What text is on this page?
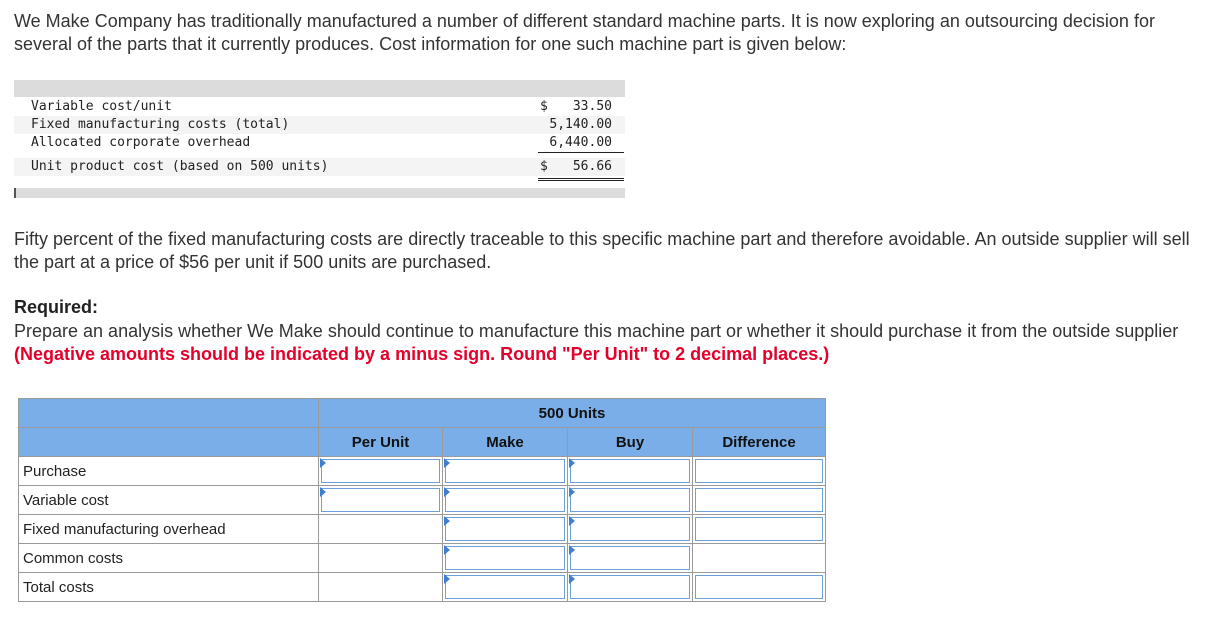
We Make Company has traditionally manufactured a number of different standard machine parts. It is now exploring an outsourcing decision for several of the parts that it currently produces. Cost information for one such machine part is given below:

Variable cost/unit	$ 33.50
Fixed manufacturing costs (total)	5,140.00
Allocated corporate overhead	6,440.00
Unit product cost (based on 500 units)	$ 56.66

Fifty percent of the fixed manufacturing costs are directly traceable to this specific machine part and therefore avoidable. An outside supplier will sell the part at a price of $56 per unit if 500 units are purchased.

Required:

Prepare an analysis whether We Make should continue to manufacture this machine part or whether it should purchase it from the outside supplier (Negative amounts should be indicated by a minus sign. Round "Per Unit" to 2 decimal places.)

	500 Units			
	Per Unit	Make	Buy	Difference
Purchase	

Variable cost	

Fixed manufacturing overhead		

Common costs		

Total costs		
